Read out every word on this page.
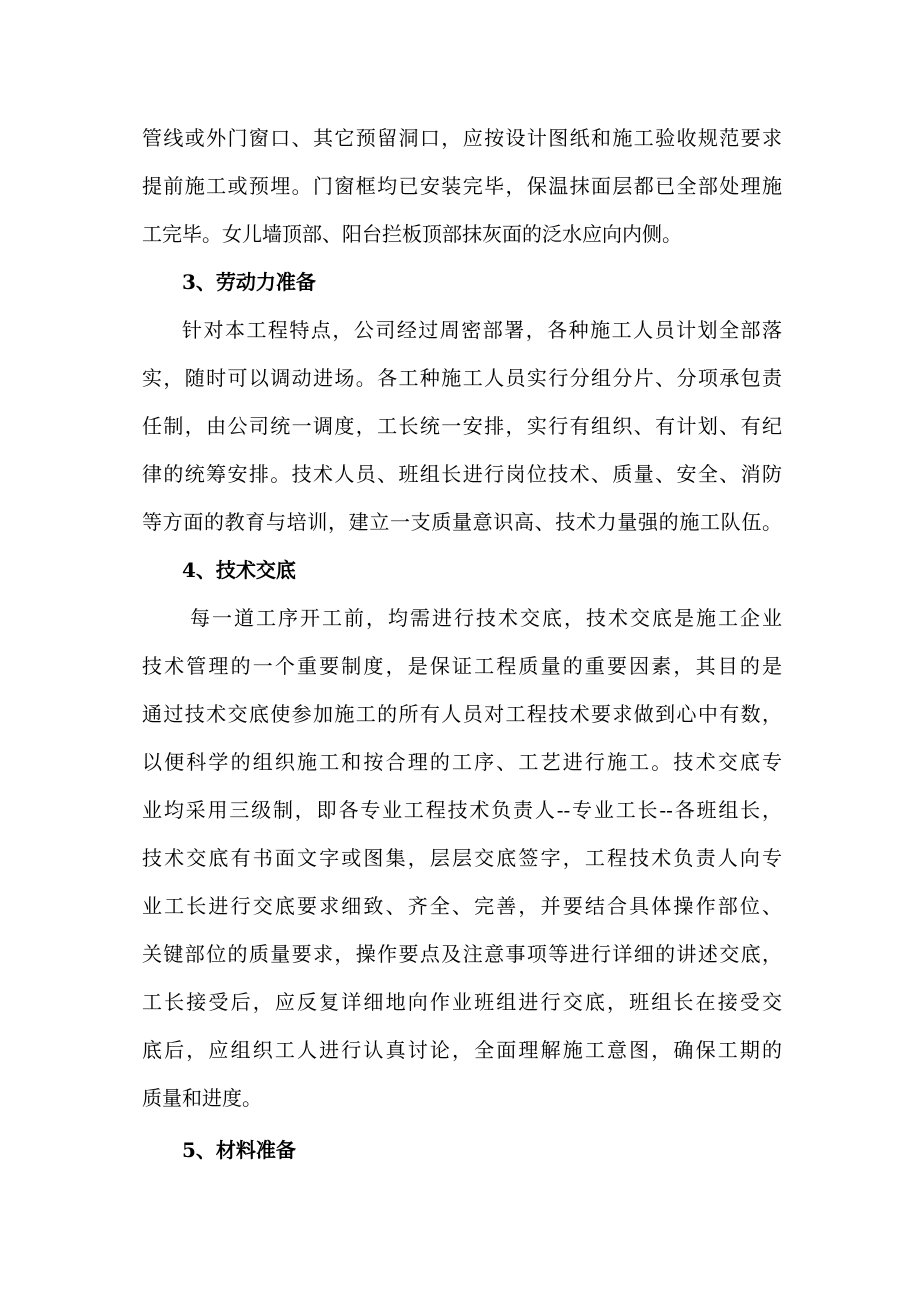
管线或外门窗口、其它预留洞口，应按设计图纸和施工验收规范要求
提前施工或预埋。门窗框均已安装完毕，保温抹面层都已全部处理施
工完毕。女儿墙顶部、阳台拦板顶部抹灰面的泛水应向内侧。
3、劳动力准备
针对本工程特点，公司经过周密部署，各种施工人员计划全部落
实，随时可以调动进场。各工种施工人员实行分组分片、分项承包责
任制，由公司统一调度，工长统一安排，实行有组织、有计划、有纪
律的统筹安排。技术人员、班组长进行岗位技术、质量、安全、消防
等方面的教育与培训，建立一支质量意识高、技术力量强的施工队伍。
4、技术交底
每一道工序开工前，均需进行技术交底，技术交底是施工企业
技术管理的一个重要制度，是保证工程质量的重要因素，其目的是
通过技术交底使参加施工的所有人员对工程技术要求做到心中有数，
以便科学的组织施工和按合理的工序、工艺进行施工。技术交底专
业均采用三级制，即各专业工程技术负责人--专业工长--各班组长，
技术交底有书面文字或图集，层层交底签字，工程技术负责人向专
业工长进行交底要求细致、齐全、完善，并要结合具体操作部位、
关键部位的质量要求，操作要点及注意事项等进行详细的讲述交底，
工长接受后，应反复详细地向作业班组进行交底，班组长在接受交
底后，应组织工人进行认真讨论，全面理解施工意图，确保工期的
质量和进度。
5、材料准备
